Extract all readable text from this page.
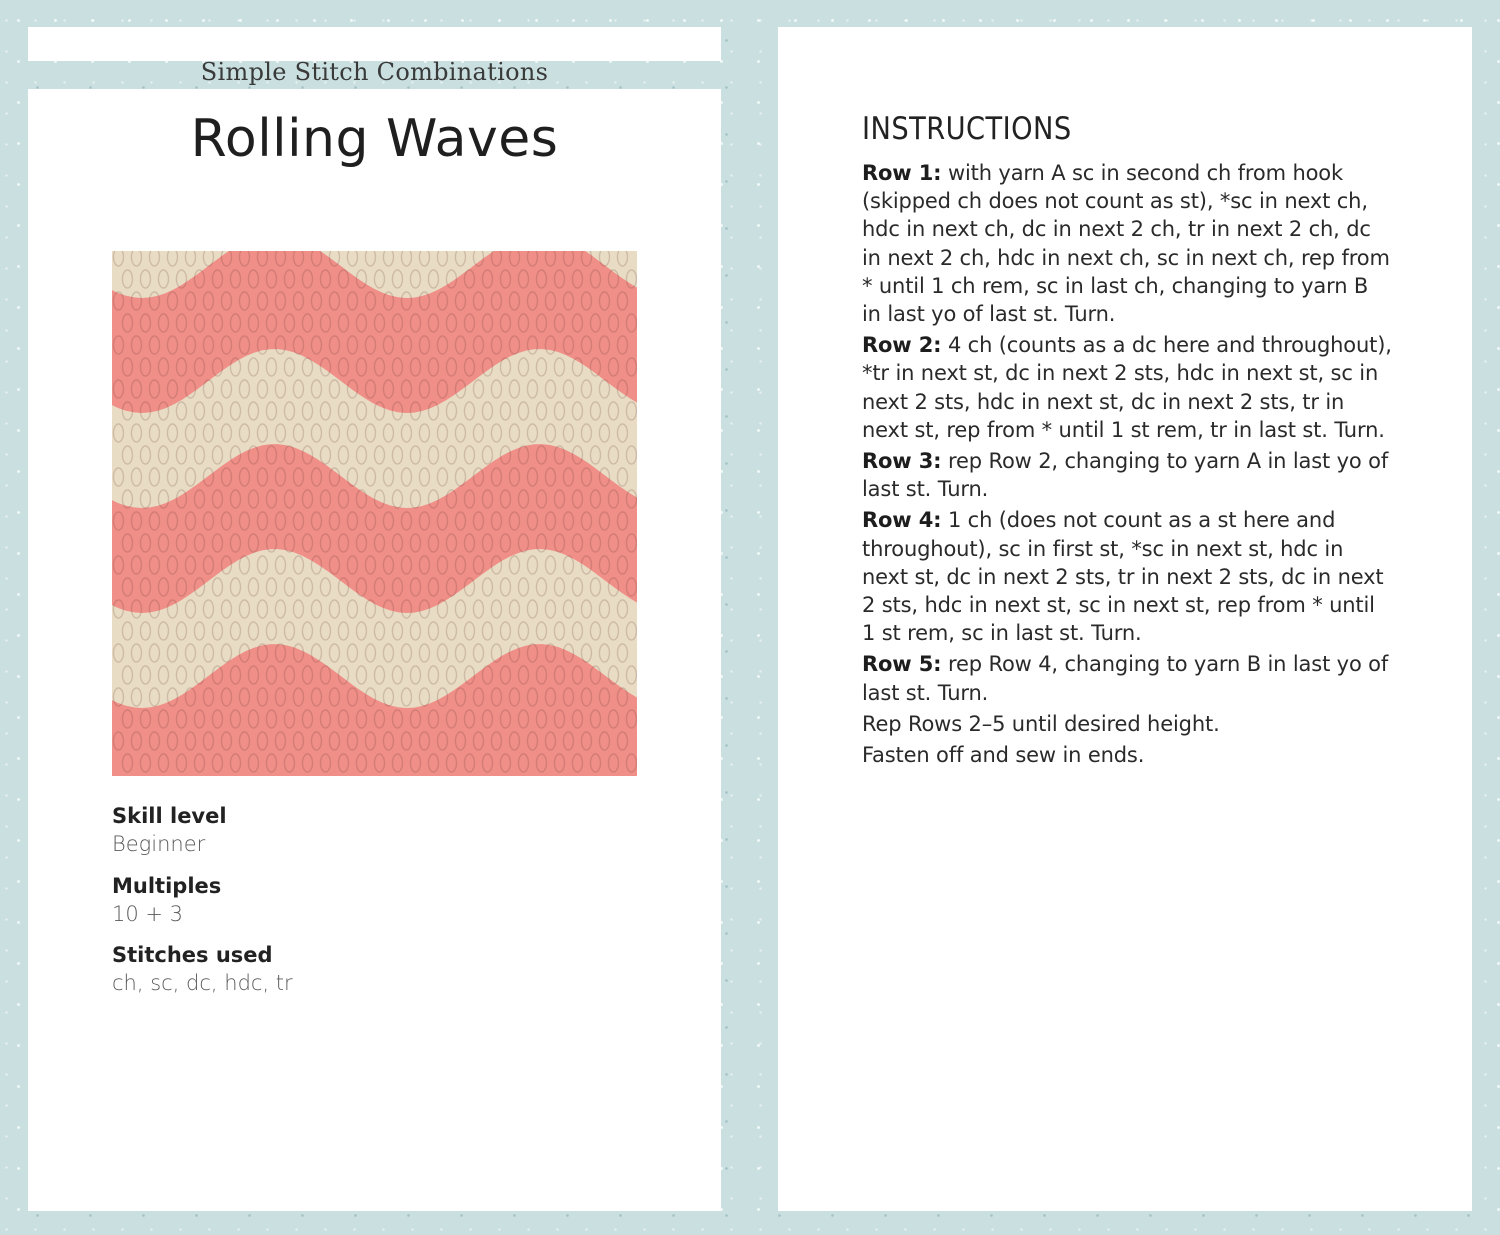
Simple Stitch Combinations
Rolling Waves
Skill level
Beginner
Multiples
10 + 3
Stitches used
ch, sc, dc, hdc, tr
INSTRUCTIONS

Row 1: with yarn A sc in second ch from hook (skipped ch does not count as st), *sc in next ch, hdc in next ch, dc in next 2 ch, tr in next 2 ch, dc in next 2 ch, hdc in next ch, sc in next ch, rep from * until 1 ch rem, sc in last ch, changing to yarn B in last yo of last st. Turn.

Row 2: 4 ch (counts as a dc here and throughout), *tr in next st, dc in next 2 sts, hdc in next st, sc in next 2 sts, hdc in next st, dc in next 2 sts, tr in next st, rep from * until 1 st rem, tr in last st. Turn.

Row 3: rep Row 2, changing to yarn A in last yo of last st. Turn.

Row 4: 1 ch (does not count as a st here and throughout), sc in first st, *sc in next st, hdc in next st, dc in next 2 sts, tr in next 2 sts, dc in next 2 sts, hdc in next st, sc in next st, rep from * until 1 st rem, sc in last st. Turn.

Row 5: rep Row 4, changing to yarn B in last yo of last st. Turn.

Rep Rows 2–5 until desired height.

Fasten off and sew in ends.
